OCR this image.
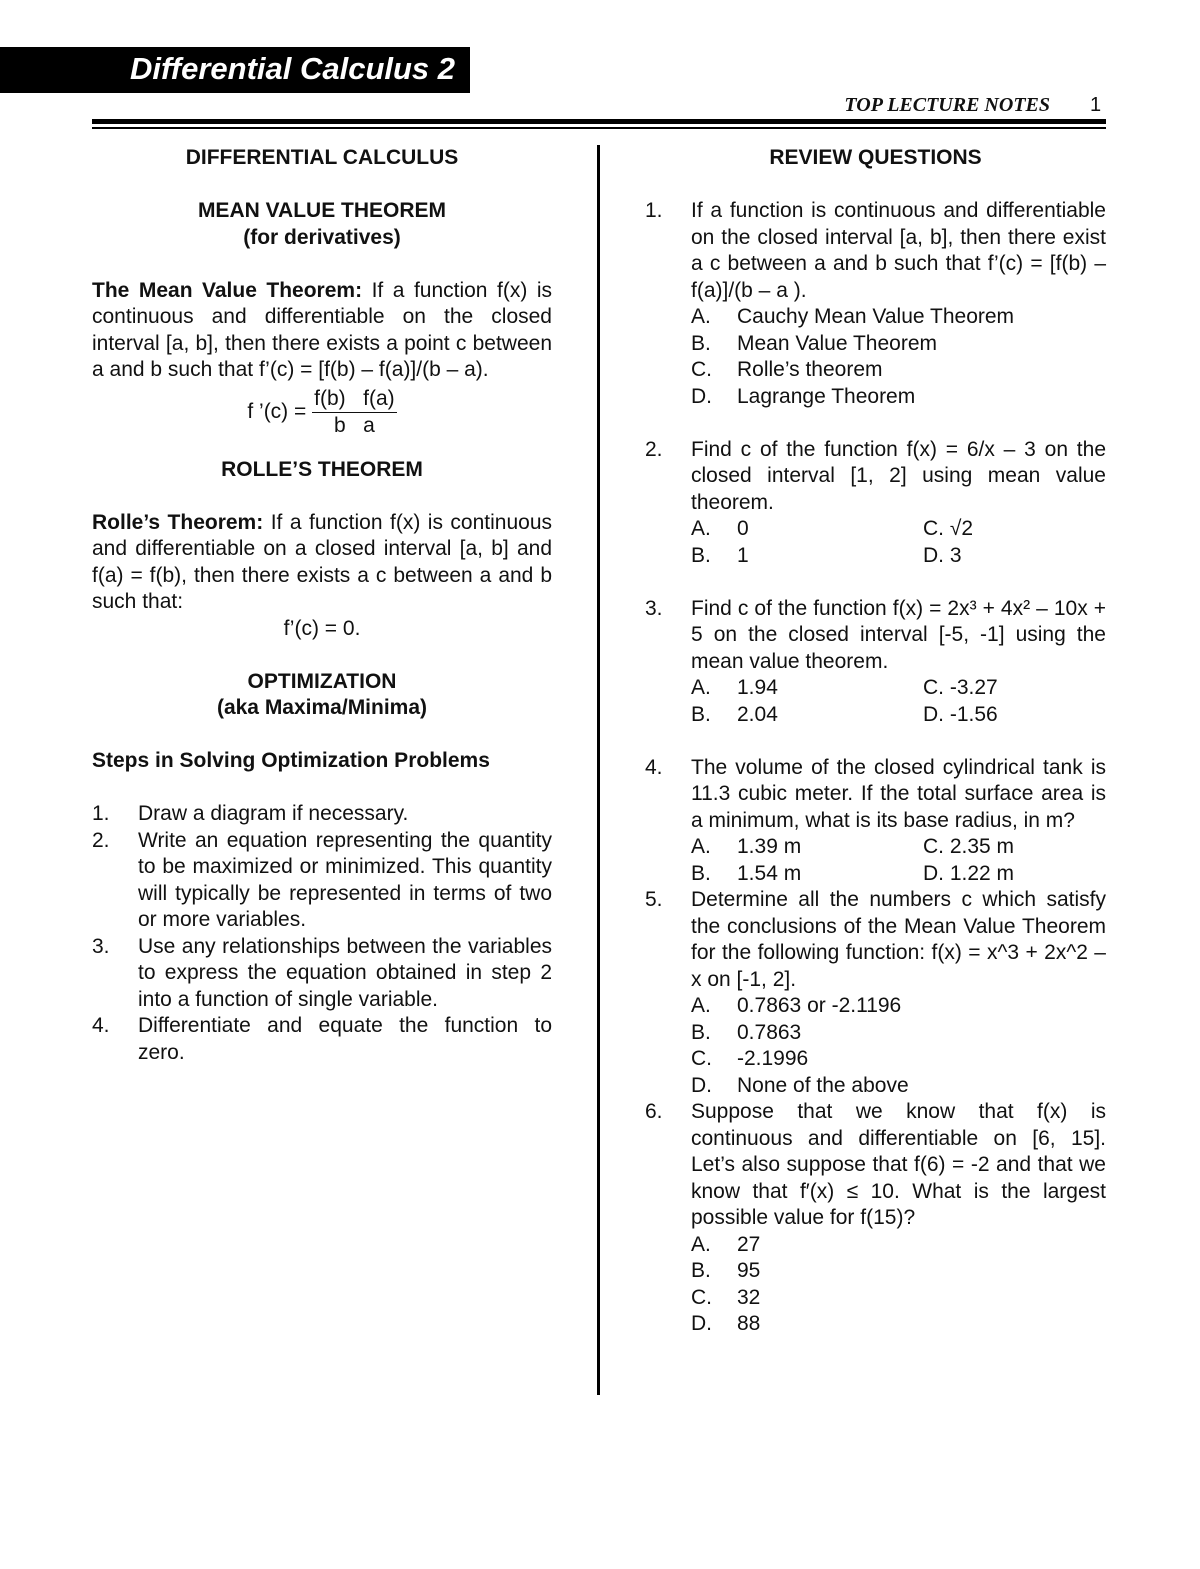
Differential Calculus 2
TOP LECTURE NOTES 1

DIFFERENTIAL CALCULUS

MEAN VALUE THEOREM

(for derivatives)

The Mean Value Theorem: If a function f(x) is continuous and differentiable on the closed interval [a, b], then there exists a point c between a and b such that f’(c) = [f(b) – f(a)]/(b – a).

f ’(c) = $\frac{f(b) f(a)}{\text{b   a}}$

ROLLE’S THEOREM

Rolle’s Theorem: If a function f(x) is continuous and differentiable on a closed interval [a, b] and f(a) = f(b), then there exists a c between a and b such that:

f’(c) = 0.

OPTIMIZATION

(aka Maxima/Minima)

Steps in Solving Optimization Problems

1. Draw a diagram if necessary.
2. Write an equation representing the quantity to be maximized or minimized. This quantity will typically be represented in terms of two or more variables.
3. Use any relationships between the variables to express the equation obtained in step 2 into a function of single variable.
4. Differentiate and equate the function to zero.

REVIEW QUESTIONS

1. If a function is continuous and differentiable on the closed interval [a, b], then there exist a c between a and b such that f’(c) = [f(b) – f(a)]/(b – a ).
A. Cauchy Mean Value Theorem
B. Mean Value Theorem
C. Rolle’s theorem
D. Lagrange Theorem
2. Find c of the function f(x) = 6/x – 3 on the closed interval [1, 2] using mean value theorem.
A. 0	C. √2
B. 1	D. 3
3. Find c of the function f(x) = 2x³ + 4x² – 10x + 5 on the closed interval [-5, -1] using the mean value theorem.
A. 1.94	C. -3.27
B. 2.04	D. -1.56
4. The volume of the closed cylindrical tank is 11.3 cubic meter. If the total surface area is a minimum, what is its base radius, in m?
A. 1.39 m	C. 2.35 m
B. 1.54 m	D. 1.22 m
5. Determine all the numbers c which satisfy the conclusions of the Mean Value Theorem for the following function: f(x) = x^3 + 2x^2 – x on [-1, 2].
A. 0.7863 or -2.1196
B. 0.7863
C. -2.1996
D. None of the above
6. Suppose that we know that f(x) is continuous and differentiable on [6, 15]. Let’s also suppose that f(6) = -2 and that we know that f′(x) ≤ 10. What is the largest possible value for f(15)?
A. 27
B. 95
C. 32
D. 88
